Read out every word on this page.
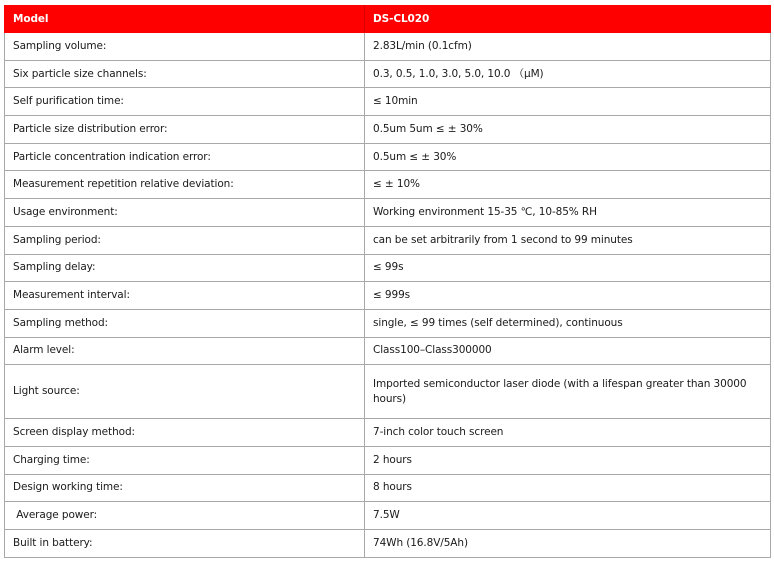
Model	DS-CL020
Sampling volume:	2.83L/min (0.1cfm)
Six particle size channels:	0.3, 0.5, 1.0, 3.0, 5.0, 10.0 （μM)
Self purification time:	≤ 10min
Particle size distribution error:	0.5um 5um ≤ ± 30%
Particle concentration indication error:	0.5um ≤ ± 30%
Measurement repetition relative deviation:	≤ ± 10%
Usage environment:	Working environment 15-35 ℃, 10-85% RH
Sampling period:	can be set arbitrarily from 1 second to 99 minutes
Sampling delay:	≤ 99s
Measurement interval:	≤ 999s
Sampling method:	single, ≤ 99 times (self determined), continuous
Alarm level:	Class100–Class300000
Light source:	Imported semiconductor laser diode (with a lifespan greater than 30000 hours)
Screen display method:	7-inch color touch screen
Charging time:	2 hours
Design working time:	8 hours
Average power:	7.5W
Built in battery:	74Wh (16.8V/5Ah)
